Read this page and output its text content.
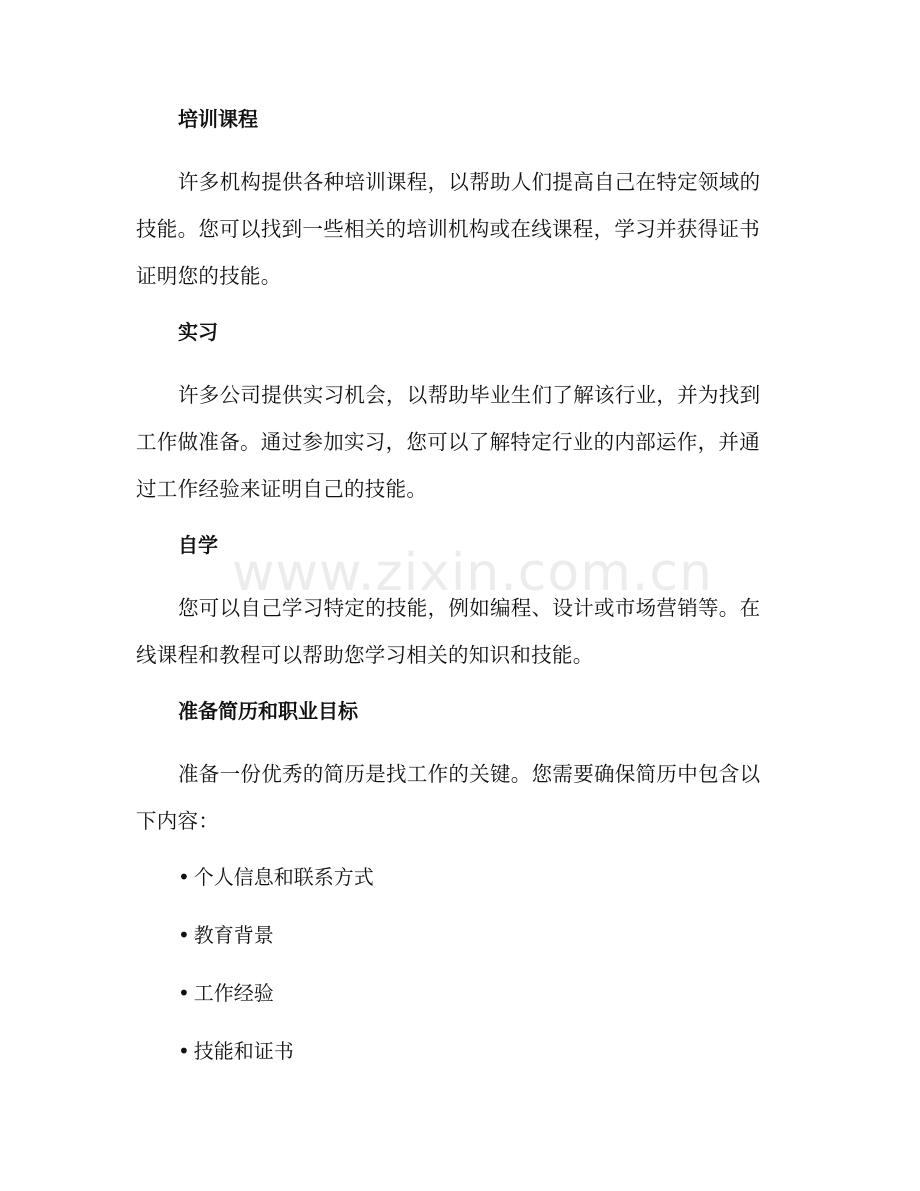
培训课程

许多机构提供各种培训课程，以帮助人们提高自己在特定领域的技能。您可以找到一些相关的培训机构或在线课程，学习并获得证书证明您的技能。

实习

许多公司提供实习机会，以帮助毕业生们了解该行业，并为找到工作做准备。通过参加实习，您可以了解特定行业的内部运作，并通过工作经验来证明自己的技能。

自学

您可以自己学习特定的技能，例如编程、设计或市场营销等。在线课程和教程可以帮助您学习相关的知识和技能。

准备简历和职业目标

准备一份优秀的简历是找工作的关键。您需要确保简历中包含以下内容：

• 个人信息和联系方式
• 教育背景
• 工作经验
• 技能和证书
www.zixin.com.cn
